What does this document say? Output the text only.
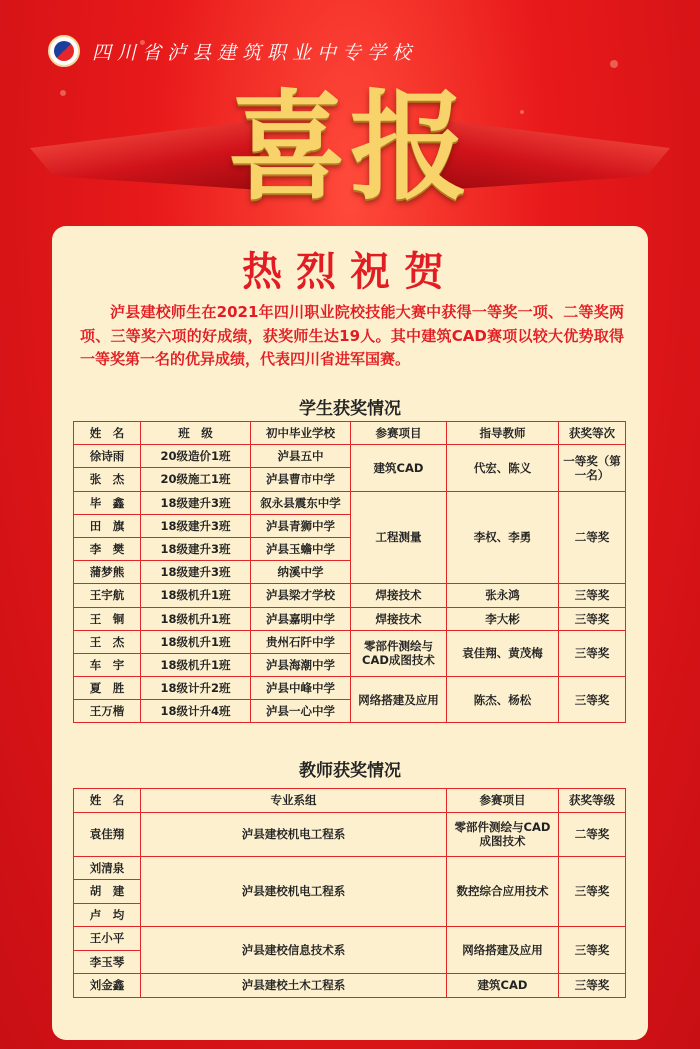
四川省泸县建筑职业中专学校
喜报
热烈祝贺
泸县建校师生在2021年四川职业院校技能大赛中获得一等奖一项、二等奖两项、三等奖六项的好成绩，获奖师生达19人。其中建筑CAD赛项以较大优势取得一等奖第一名的优异成绩，代表四川省进军国赛。
学生获奖情况
姓　名	班　级	初中毕业学校	参赛项目	指导教师	获奖等次
徐诗雨	20级造价1班	泸县五中	建筑CAD	代宏、陈义	一等奖（第一名）
张　杰	20级施工1班	泸县曹市中学			
毕　鑫	18级建升3班	叙永县震东中学	工程测量	李权、李勇	二等奖
田　旗	18级建升3班	泸县青狮中学			
李　樊	18级建升3班	泸县玉蟾中学			
蒲梦熊	18级建升3班	纳溪中学			
王宇航	18级机升1班	泸县梁才学校	焊接技术	张永鸿	三等奖
王　铜	18级机升1班	泸县嘉明中学	焊接技术	李大彬	三等奖
王　杰	18级机升1班	贵州石阡中学	零部件测绘与CAD成图技术	袁佳翔、黄茂梅	三等奖
车　宇	18级机升1班	泸县海潮中学			
夏　胜	18级计升2班	泸县中峰中学	网络搭建及应用	陈杰、杨松	三等奖
王万楷	18级计升4班	泸县一心中学			
教师获奖情况
姓　名	专业系组	参赛项目	获奖等级
袁佳翔	泸县建校机电工程系	零部件测绘与CAD成图技术	二等奖
刘清泉	泸县建校机电工程系	数控综合应用技术	三等奖
胡　建			
卢　均			
王小平	泸县建校信息技术系	网络搭建及应用	三等奖
李玉琴			
刘金鑫	泸县建校土木工程系	建筑CAD	三等奖
